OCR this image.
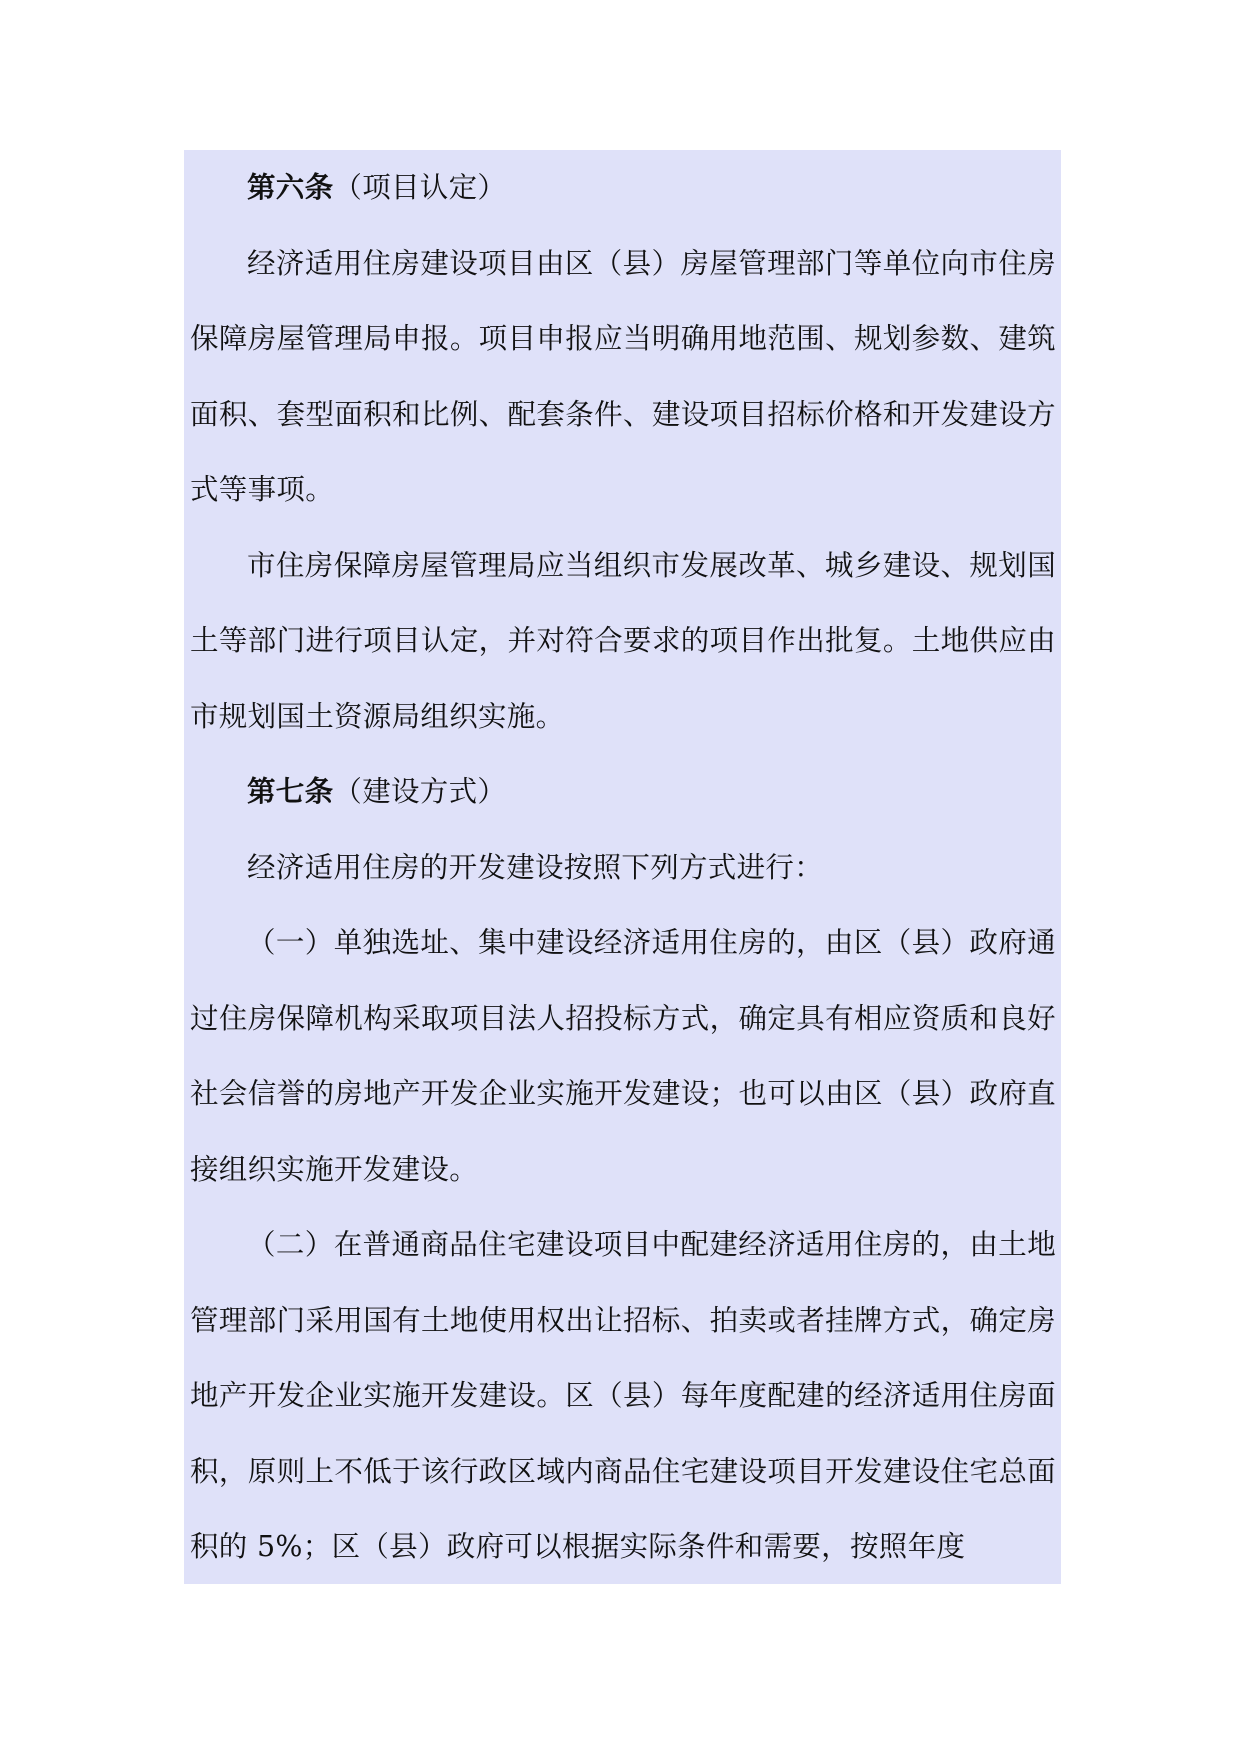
第六条（项目认定）

经济适用住房建设项目由区（县）房屋管理部门等单位向市住房保障房屋管理局申报。项目申报应当明确用地范围、规划参数、建筑面积、套型面积和比例、配套条件、建设项目招标价格和开发建设方式等事项。

市住房保障房屋管理局应当组织市发展改革、城乡建设、规划国土等部门进行项目认定，并对符合要求的项目作出批复。土地供应由市规划国土资源局组织实施。

第七条（建设方式）

经济适用住房的开发建设按照下列方式进行：

（一）单独选址、集中建设经济适用住房的，由区（县）政府通过住房保障机构采取项目法人招投标方式，确定具有相应资质和良好社会信誉的房地产开发企业实施开发建设；也可以由区（县）政府直接组织实施开发建设。

（二）在普通商品住宅建设项目中配建经济适用住房的，由土地管理部门采用国有土地使用权出让招标、拍卖或者挂牌方式，确定房地产开发企业实施开发建设。区（县）每年度配建的经济适用住房面积，原则上不低于该行政区域内商品住宅建设项目开发建设住宅总面积的 5%；区（县）政府可以根据实际条件和需要，按照年度
